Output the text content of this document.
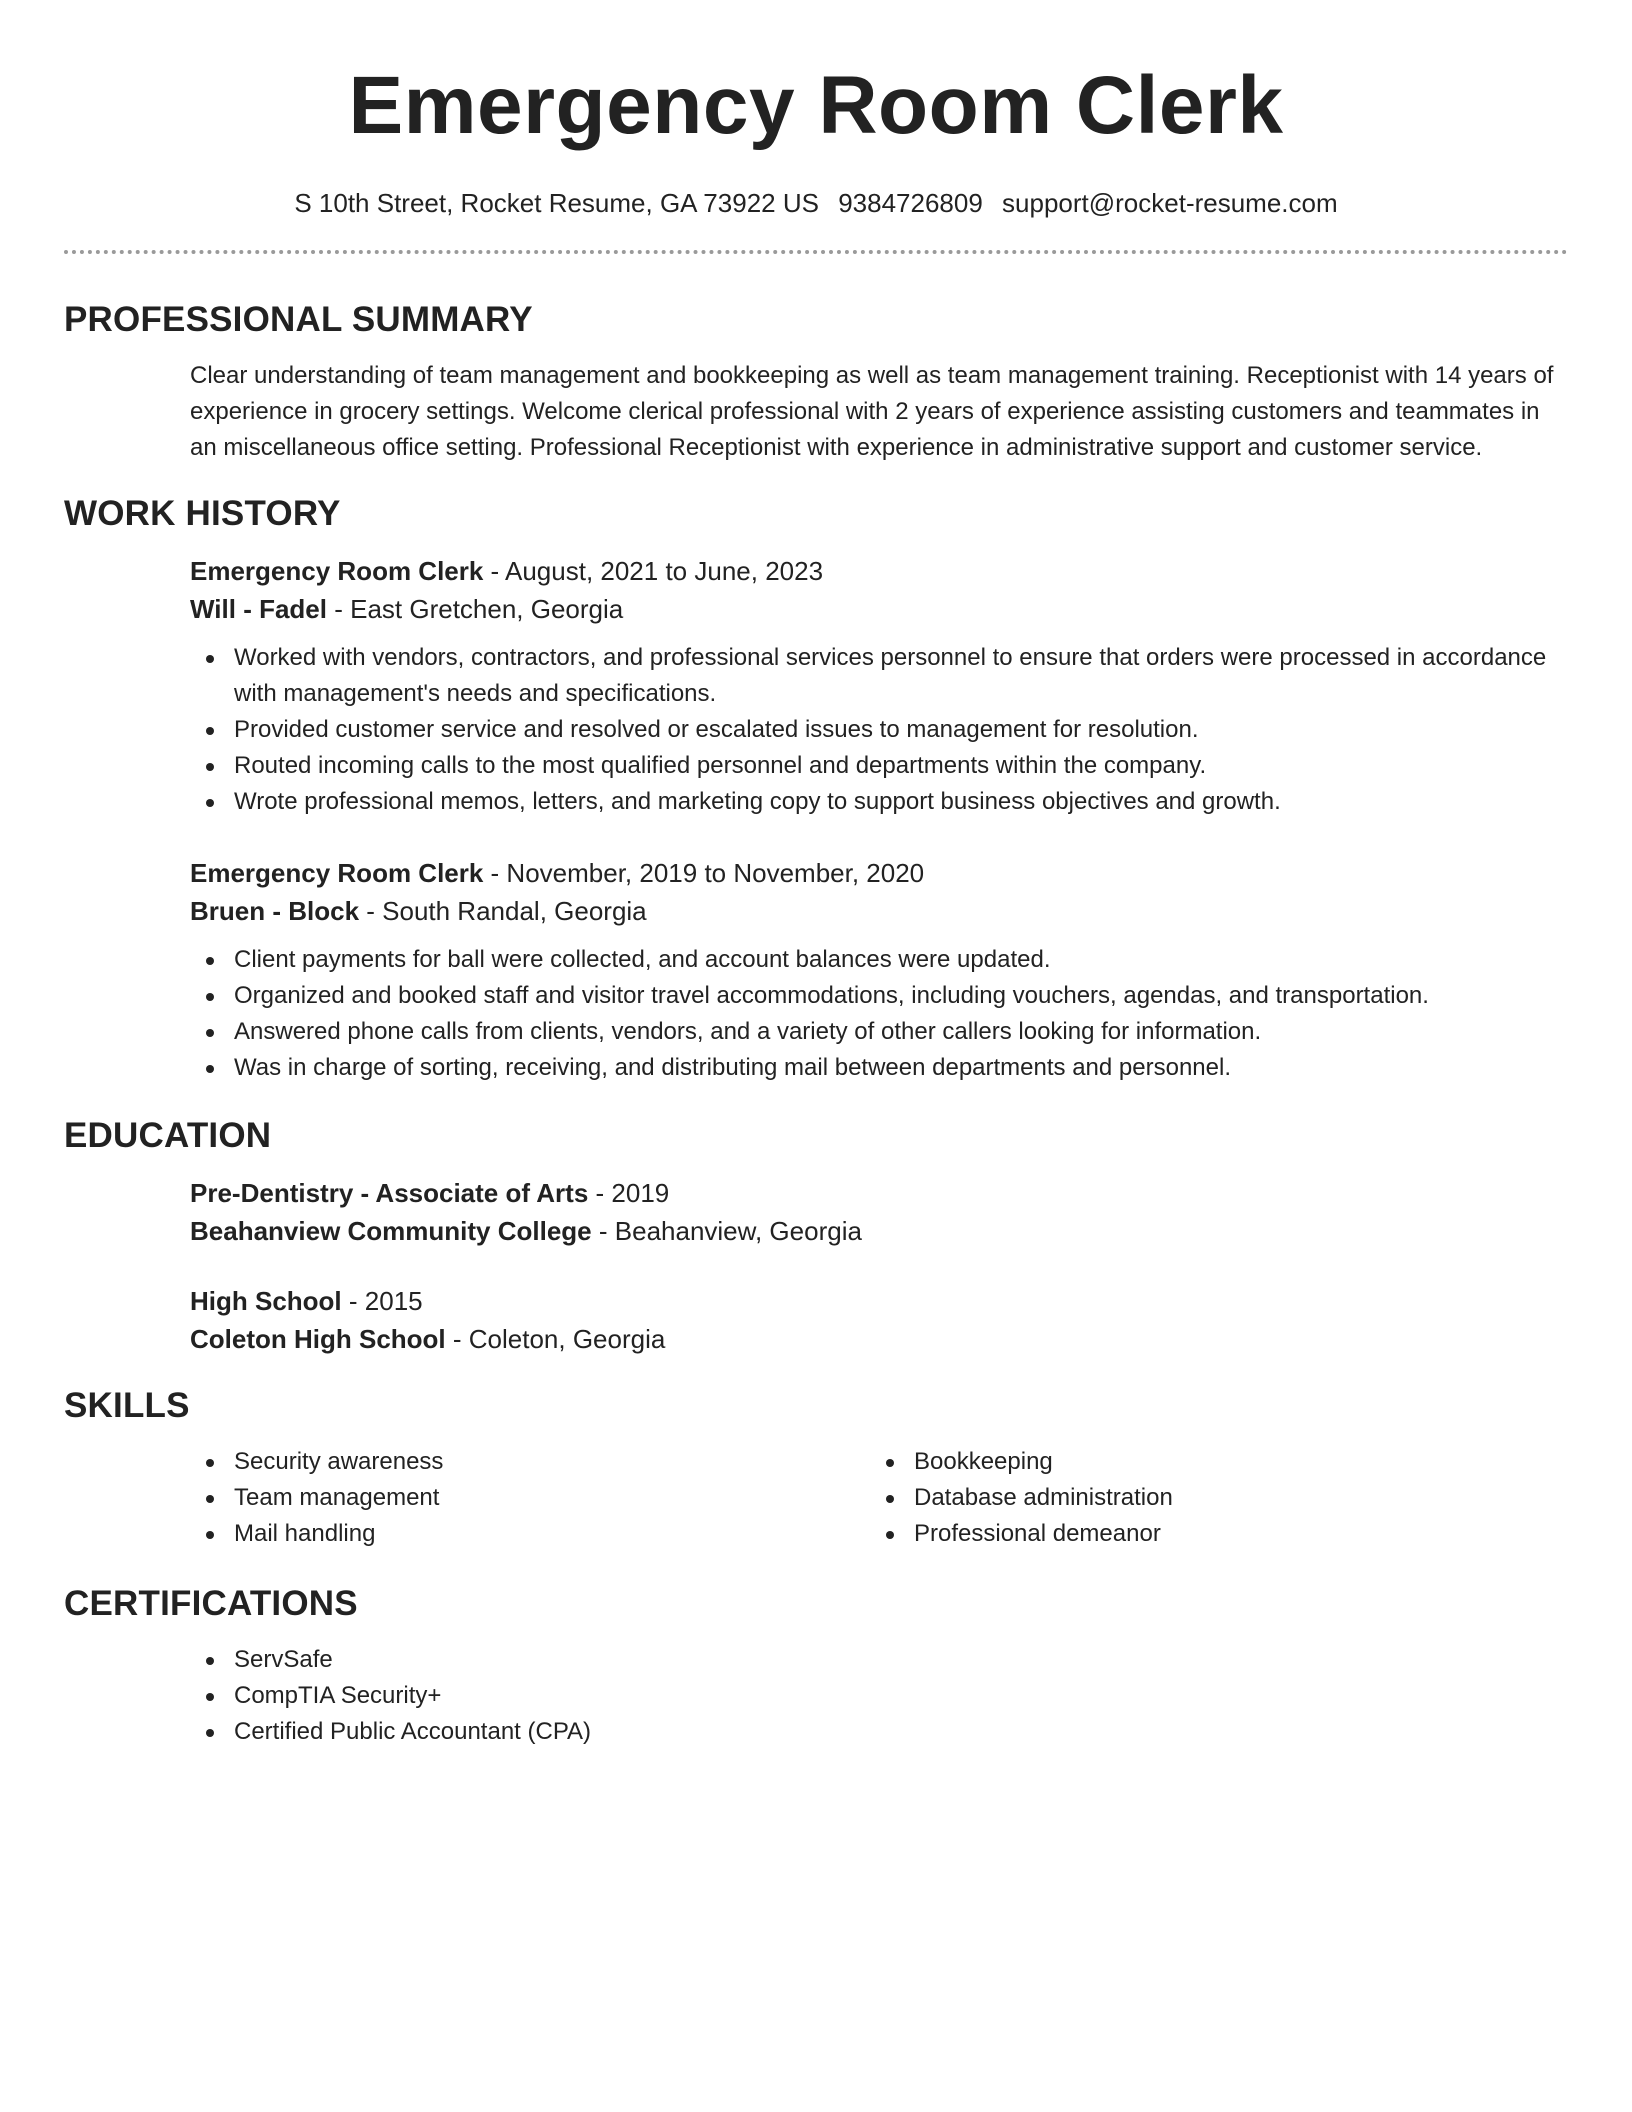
Emergency Room Clerk
S 10th Street, Rocket Resume, GA 73922 US 9384726809 support@rocket-resume.com
PROFESSIONAL SUMMARY

Clear understanding of team management and bookkeeping as well as team management training. Receptionist with 14 years of experience in grocery settings. Welcome clerical professional with 2 years of experience assisting customers and teammates in an miscellaneous office setting. Professional Receptionist with experience in administrative support and customer service.

WORK HISTORY
Emergency Room Clerk - August, 2021 to June, 2023
Will - Fadel - East Gretchen, Georgia
Worked with vendors, contractors, and professional services personnel to ensure that orders were processed in accordance with management's needs and specifications.
Provided customer service and resolved or escalated issues to management for resolution.
Routed incoming calls to the most qualified personnel and departments within the company.
Wrote professional memos, letters, and marketing copy to support business objectives and growth.
Emergency Room Clerk - November, 2019 to November, 2020
Bruen - Block - South Randal, Georgia
Client payments for ball were collected, and account balances were updated.
Organized and booked staff and visitor travel accommodations, including vouchers, agendas, and transportation.
Answered phone calls from clients, vendors, and a variety of other callers looking for information.
Was in charge of sorting, receiving, and distributing mail between departments and personnel.
EDUCATION
Pre-Dentistry - Associate of Arts - 2019
Beahanview Community College - Beahanview, Georgia
High School - 2015
Coleton High School - Coleton, Georgia
SKILLS
Security awareness
Team management
Mail handling
Bookkeeping
Database administration
Professional demeanor
CERTIFICATIONS
ServSafe
CompTIA Security+
Certified Public Accountant (CPA)
